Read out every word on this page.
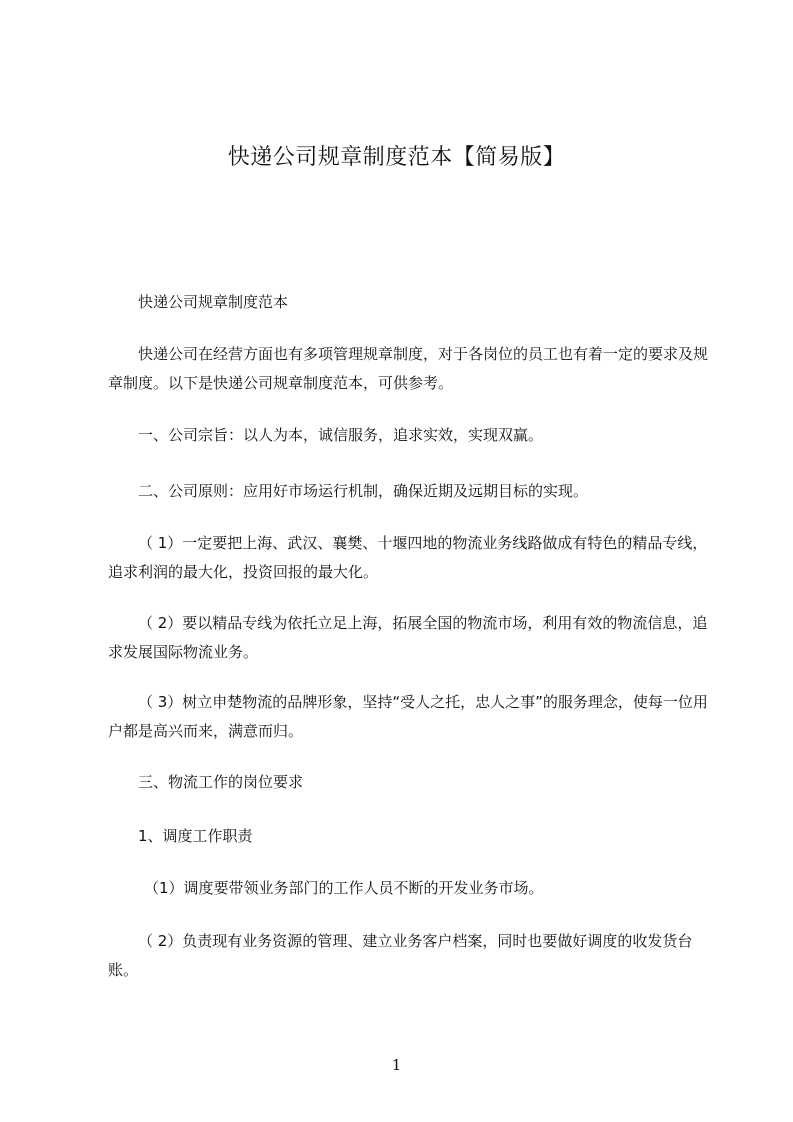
快递公司规章制度范本【简易版】
快递公司规章制度范本
快递公司在经营方面也有多项管理规章制度，对于各岗位的员工也有着一定的要求及规章制度。以下是快递公司规章制度范本，可供参考。
一、公司宗旨：以人为本，诚信服务，追求实效，实现双赢。
二、公司原则：应用好市场运行机制，确保近期及远期目标的实现。
（ 1）一定要把上海、武汉、襄樊、十堰四地的物流业务线路做成有特色的精品专线，追求利润的最大化，投资回报的最大化。
（ 2）要以精品专线为依托立足上海，拓展全国的物流市场，利用有效的物流信息，追求发展国际物流业务。
（ 3）树立申楚物流的品牌形象，坚持“受人之托，忠人之事”的服务理念，使每一位用户都是高兴而来，满意而归。
三、物流工作的岗位要求
1、调度工作职责
（1）调度要带领业务部门的工作人员不断的开发业务市场。
（ 2）负责现有业务资源的管理、建立业务客户档案，同时也要做好调度的收发货台账。
1
